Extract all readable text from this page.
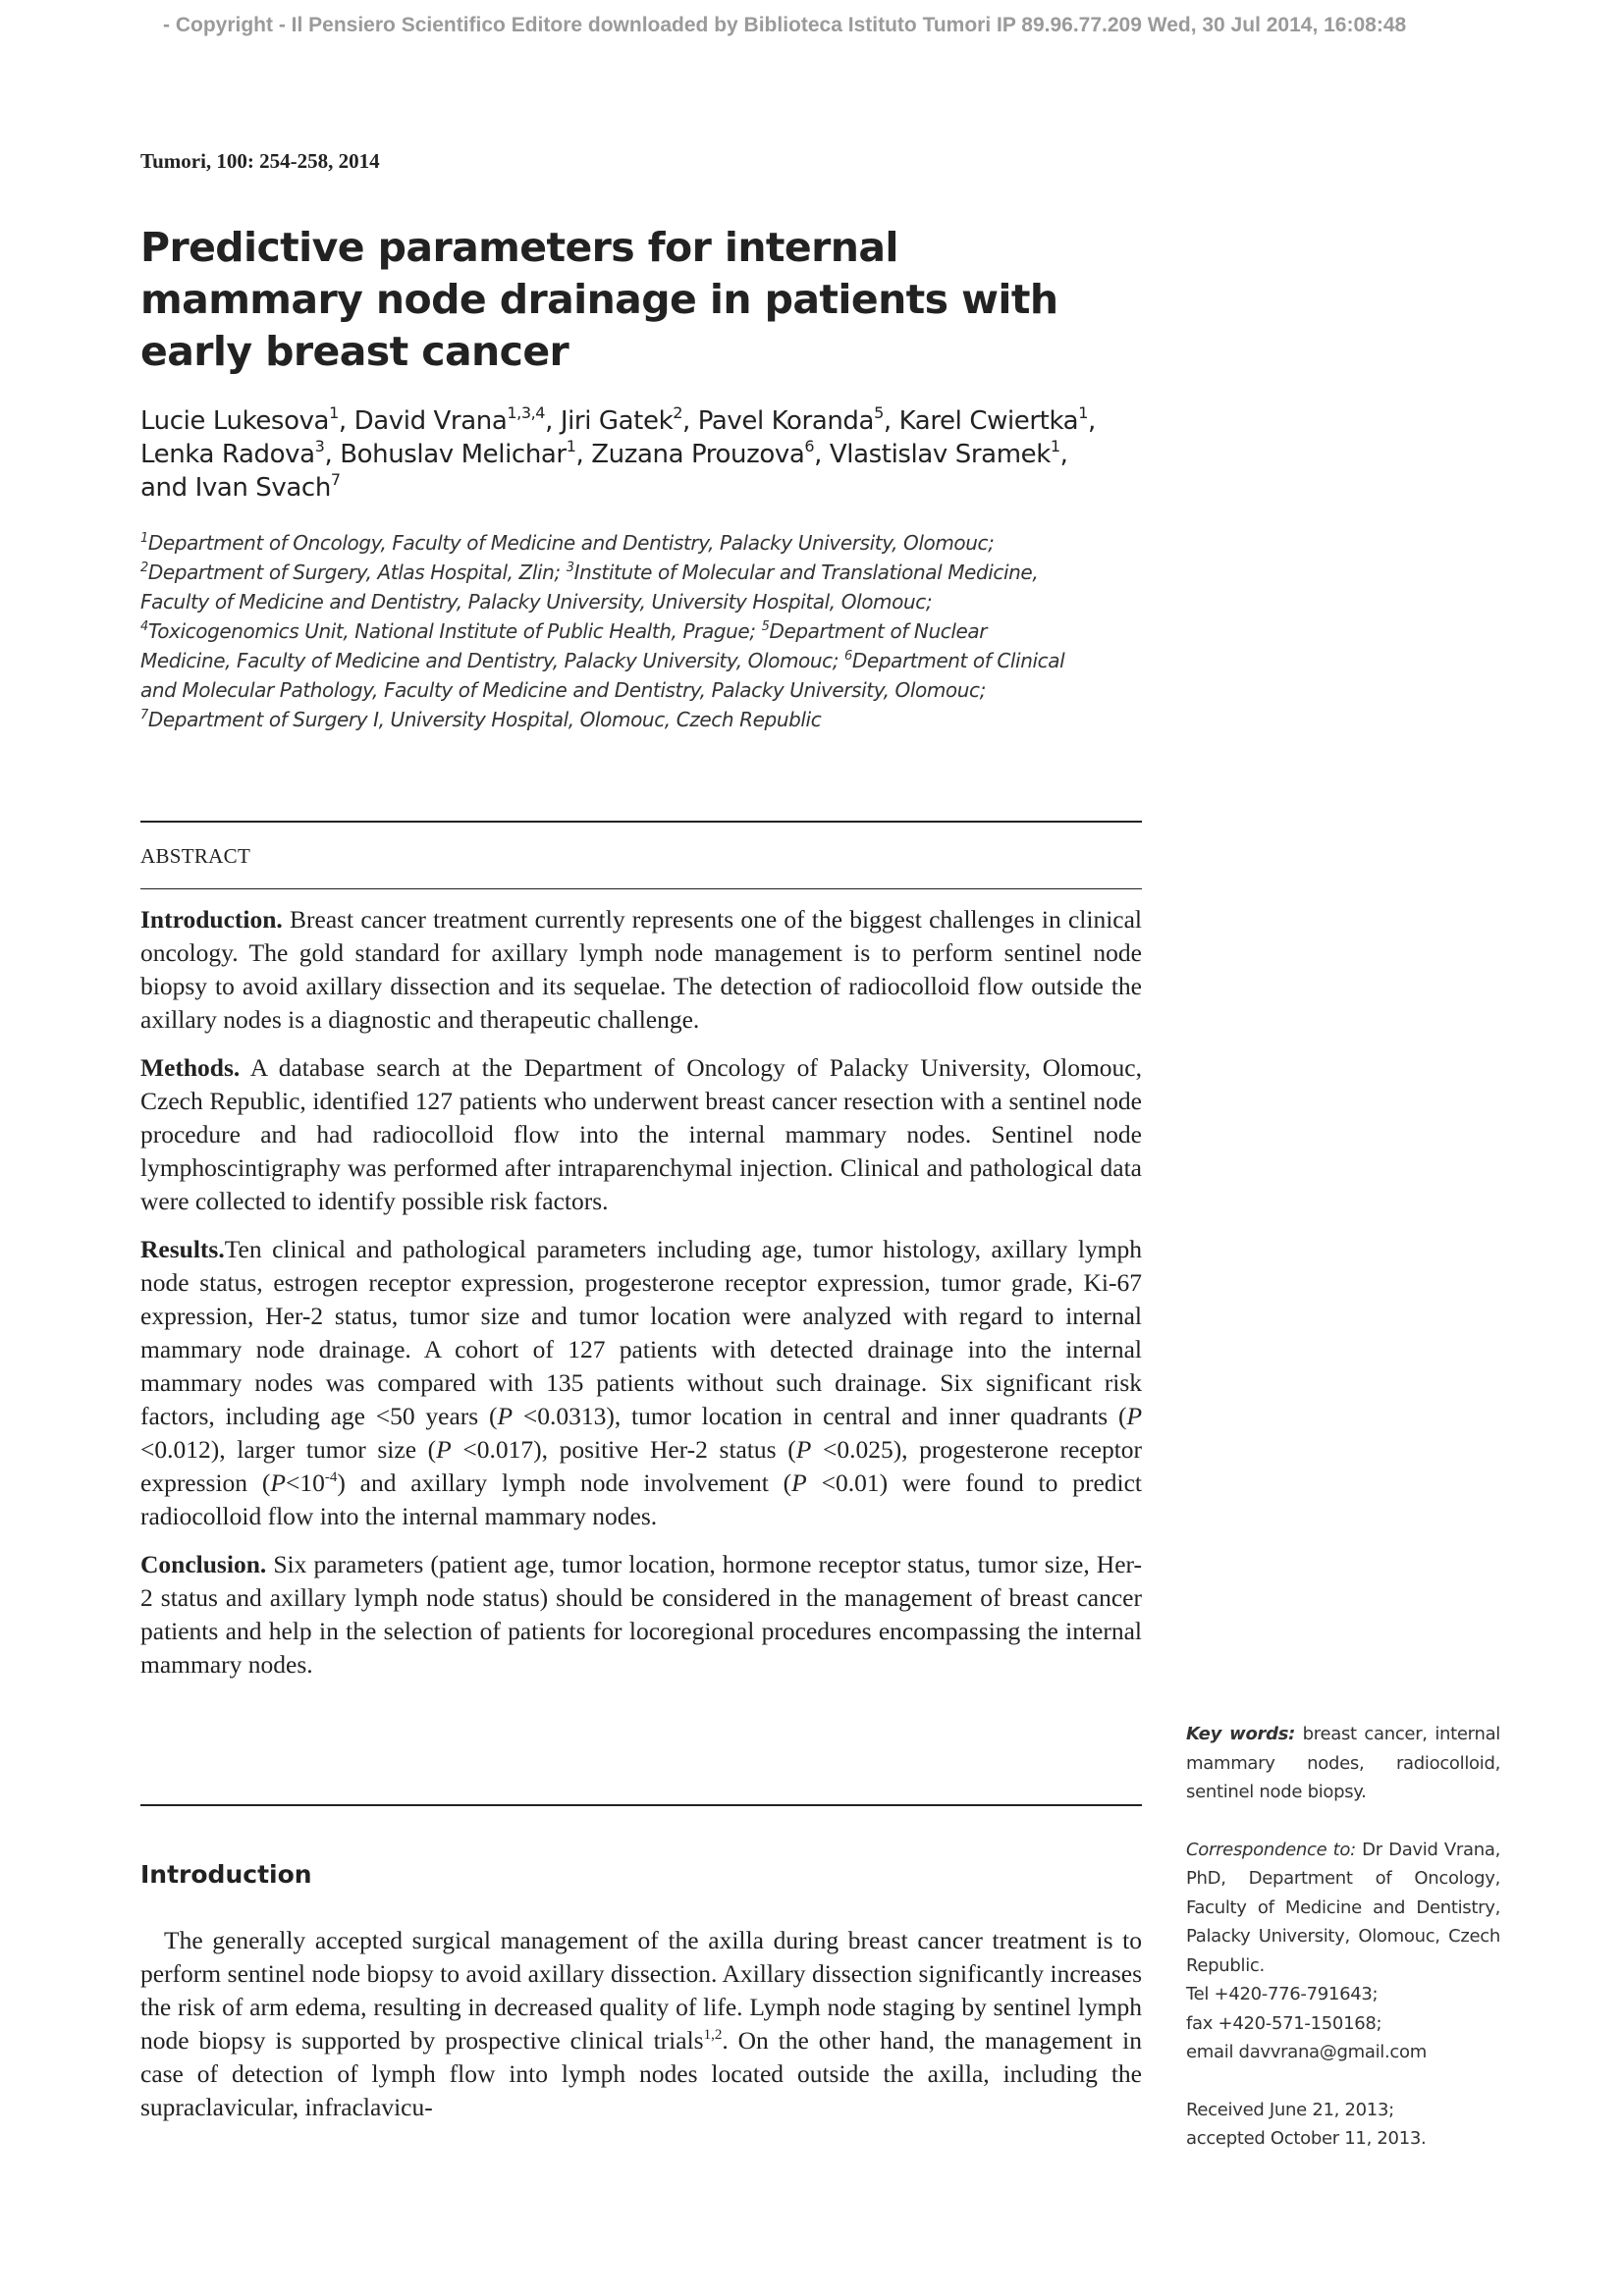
- Copyright - Il Pensiero Scientifico Editore downloaded by Biblioteca Istituto Tumori IP 89.96.77.209 Wed, 30 Jul 2014, 16:08:48
Tumori, 100: 254-258, 2014
Predictive parameters for internal mammary node drainage in patients with early breast cancer
Lucie Lukesova$^1$, David Vrana$^{1,3,4}$, Jiri Gatek$^2$, Pavel Koranda$^5$, Karel Cwiertka$^1$,
Lenka Radova$^3$, Bohuslav Melichar$^1$, Zuzana Prouzova$^6$, Vlastislav Sramek$^1$,
and Ivan Svach$^7$
$^1$Department of Oncology, Faculty of Medicine and Dentistry, Palacky University, Olomouc;
$^2$Department of Surgery, Atlas Hospital, Zlin; $^3$Institute of Molecular and Translational Medicine,
Faculty of Medicine and Dentistry, Palacky University, University Hospital, Olomouc;
$^4$Toxicogenomics Unit, National Institute of Public Health, Prague; $^5$Department of Nuclear
Medicine, Faculty of Medicine and Dentistry, Palacky University, Olomouc; $^6$Department of Clinical
and Molecular Pathology, Faculty of Medicine and Dentistry, Palacky University, Olomouc;
$^7$Department of Surgery I, University Hospital, Olomouc, Czech Republic
ABSTRACT

Introduction. Breast cancer treatment currently represents one of the biggest challenges in clinical oncology. The gold standard for axillary lymph node management is to perform sentinel node biopsy to avoid axillary dissection and its sequelae. The detection of radiocolloid flow outside the axillary nodes is a diagnostic and therapeutic challenge.

Methods. A database search at the Department of Oncology of Palacky University, Olomouc, Czech Republic, identified 127 patients who underwent breast cancer resection with a sentinel node procedure and had radiocolloid flow into the internal mammary nodes. Sentinel node lymphoscintigraphy was performed after intraparenchymal injection. Clinical and pathological data were collected to identify possible risk factors.

Results.Ten clinical and pathological parameters including age, tumor histology, axillary lymph node status, estrogen receptor expression, progesterone receptor expression, tumor grade, Ki-67 expression, Her-2 status, tumor size and tumor location were analyzed with regard to internal mammary node drainage. A cohort of 127 patients with detected drainage into the internal mammary nodes was compared with 135 patients without such drainage. Six significant risk factors, including age <50 years (P <0.0313), tumor location in central and inner quadrants (P <0.012), larger tumor size (P <0.017), positive Her-2 status (P <0.025), progesterone receptor expression $(P<10^{-4})$ and axillary lymph node involvement (P <0.01) were found to predict radiocolloid flow into the internal mammary nodes.

Conclusion. Six parameters (patient age, tumor location, hormone receptor status, tumor size, Her-2 status and axillary lymph node status) should be considered in the management of breast cancer patients and help in the selection of patients for locoregional procedures encompassing the internal mammary nodes.

Introduction

The generally accepted surgical management of the axilla during breast cancer treatment is to perform sentinel node biopsy to avoid axillary dissection. Axillary dissection significantly increases the risk of arm edema, resulting in decreased quality of life. Lymph node staging by sentinel lymph node biopsy is supported by prospective clinical trials$^{1,2}$. On the other hand, the management in case of detection of lymph flow into lymph nodes located outside the axilla, including the supraclavicular, infraclavicu-

Key words: breast cancer, internal mammary nodes, radiocolloid, sentinel node biopsy.
Correspondence to: Dr David Vrana, PhD, Department of Oncology, Faculty of Medicine and Dentistry, Palacky University, Olomouc, Czech Republic.
Tel +420-776-791643;
fax +420-571-150168;
email davvrana@gmail.com
Received June 21, 2013;
accepted October 11, 2013.
